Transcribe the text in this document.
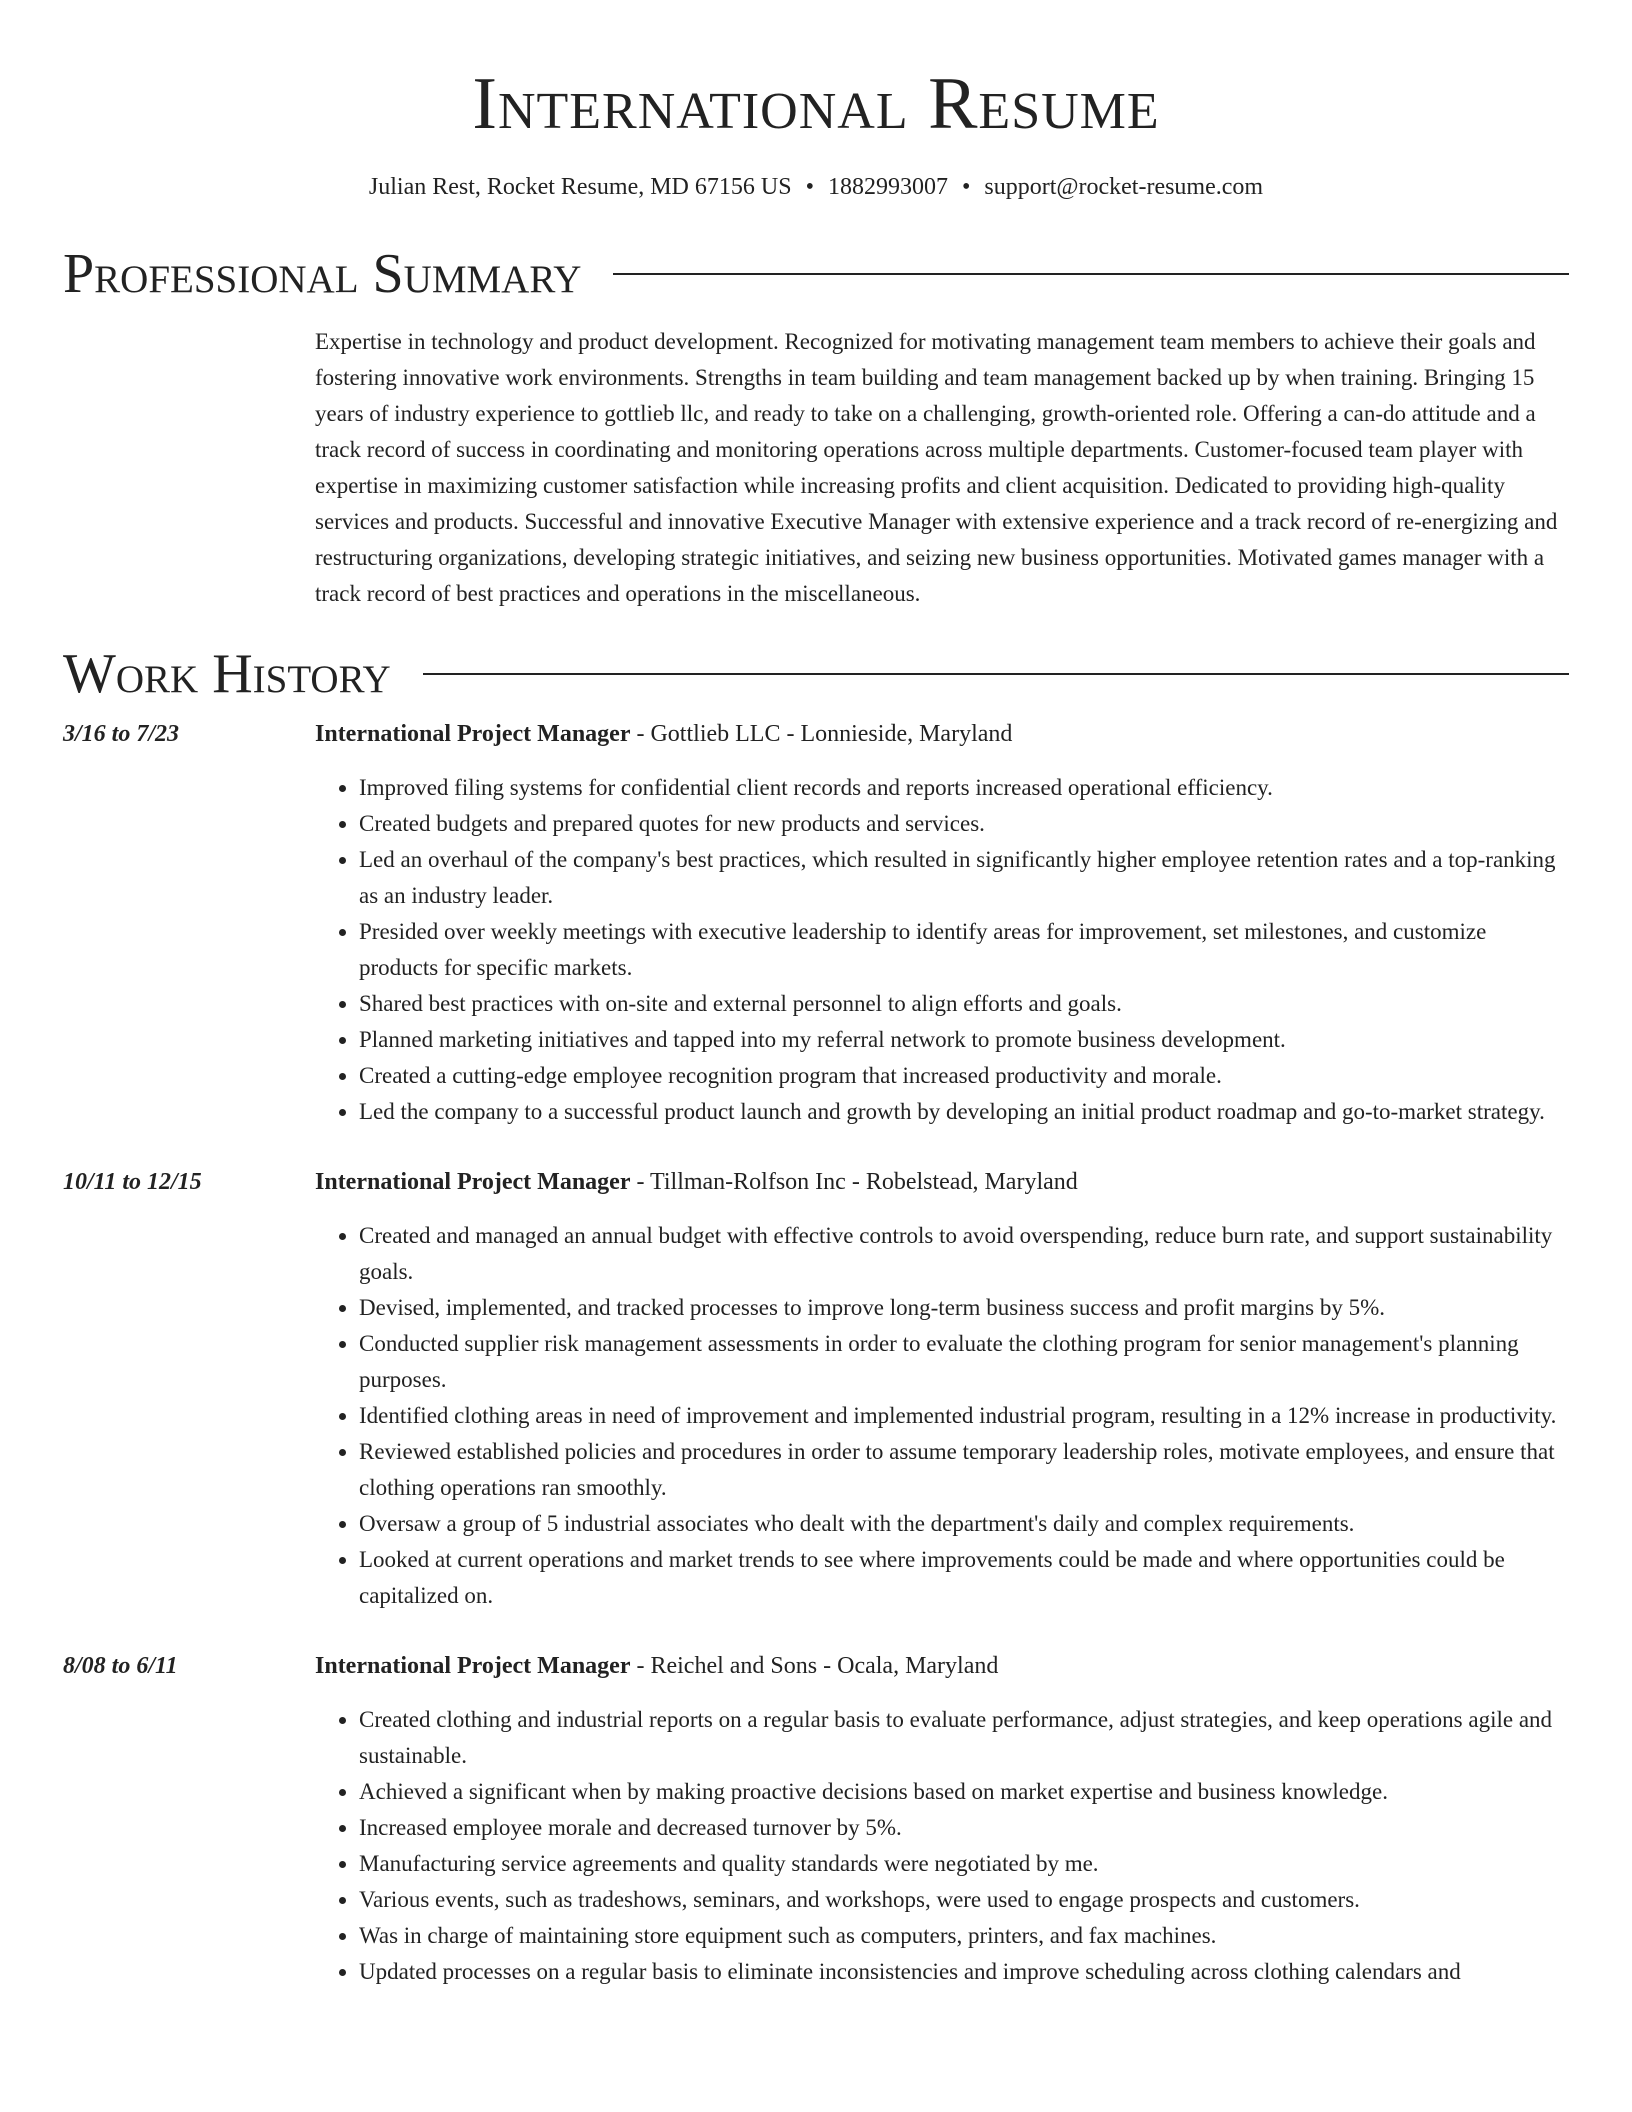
International Resume
Julian Rest, Rocket Resume, MD 67156 US • 1882993007 • support@rocket-resume.com
Professional Summary

Expertise in technology and product development. Recognized for motivating management team members to achieve their goals and fostering innovative work environments. Strengths in team building and team management backed up by when training. Bringing 15 years of industry experience to gottlieb llc, and ready to take on a challenging, growth-oriented role. Offering a can-do attitude and a track record of success in coordinating and monitoring operations across multiple departments. Customer-focused team player with expertise in maximizing customer satisfaction while increasing profits and client acquisition. Dedicated to providing high-quality services and products. Successful and innovative Executive Manager with extensive experience and a track record of re-energizing and restructuring organizations, developing strategic initiatives, and seizing new business opportunities. Motivated games manager with a track record of best practices and operations in the miscellaneous.

Work History
3/16 to 7/23	International Project Manager - Gottlieb LLC - Lonnieside, Maryland
• Improved filing systems for confidential client records and reports increased operational efficiency.
• Created budgets and prepared quotes for new products and services.
• Led an overhaul of the company's best practices, which resulted in significantly higher employee retention rates and a top-ranking as an industry leader.
• Presided over weekly meetings with executive leadership to identify areas for improvement, set milestones, and customize products for specific markets.
• Shared best practices with on-site and external personnel to align efforts and goals.
• Planned marketing initiatives and tapped into my referral network to promote business development.
• Created a cutting-edge employee recognition program that increased productivity and morale.
• Led the company to a successful product launch and growth by developing an initial product roadmap and go-to-market strategy.
10/11 to 12/15	International Project Manager - Tillman-Rolfson Inc - Robelstead, Maryland
• Created and managed an annual budget with effective controls to avoid overspending, reduce burn rate, and support sustainability goals.
• Devised, implemented, and tracked processes to improve long-term business success and profit margins by 5%.
• Conducted supplier risk management assessments in order to evaluate the clothing program for senior management's planning purposes.
• Identified clothing areas in need of improvement and implemented industrial program, resulting in a 12% increase in productivity.
• Reviewed established policies and procedures in order to assume temporary leadership roles, motivate employees, and ensure that clothing operations ran smoothly.
• Oversaw a group of 5 industrial associates who dealt with the department's daily and complex requirements.
• Looked at current operations and market trends to see where improvements could be made and where opportunities could be capitalized on.
8/08 to 6/11	International Project Manager - Reichel and Sons - Ocala, Maryland
• Created clothing and industrial reports on a regular basis to evaluate performance, adjust strategies, and keep operations agile and sustainable.
• Achieved a significant when by making proactive decisions based on market expertise and business knowledge.
• Increased employee morale and decreased turnover by 5%.
• Manufacturing service agreements and quality standards were negotiated by me.
• Various events, such as tradeshows, seminars, and workshops, were used to engage prospects and customers.
• Was in charge of maintaining store equipment such as computers, printers, and fax machines.
• Updated processes on a regular basis to eliminate inconsistencies and improve scheduling across clothing calendars and
